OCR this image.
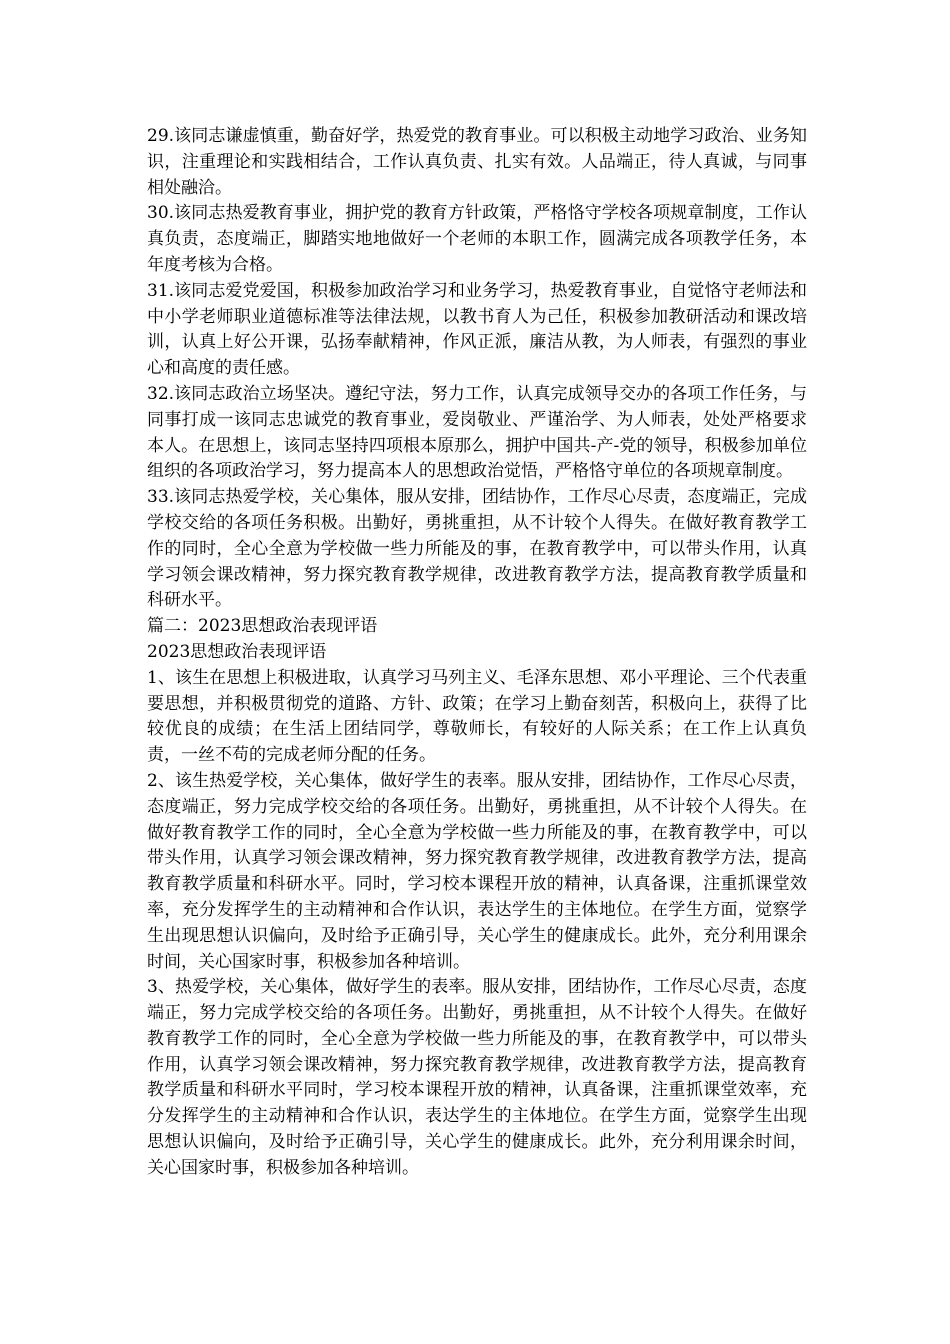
29.该同志谦虚慎重，勤奋好学，热爱党的教育事业。可以积极主动地学习政治、业务知识，注重理论和实践相结合，工作认真负责、扎实有效。人品端正，待人真诚，与同事相处融洽。

30.该同志热爱教育事业，拥护党的教育方针政策，严格恪守学校各项规章制度，工作认真负责，态度端正，脚踏实地地做好一个老师的本职工作，圆满完成各项教学任务，本年度考核为合格。

31.该同志爱党爱国，积极参加政治学习和业务学习，热爱教育事业，自觉恪守老师法和中小学老师职业道德标准等法律法规，以教书育人为己任，积极参加教研活动和课改培训，认真上好公开课，弘扬奉献精神，作风正派，廉洁从教，为人师表，有强烈的事业心和高度的责任感。

32.该同志政治立场坚决。遵纪守法，努力工作，认真完成领导交办的各项工作任务，与同事打成一该同志忠诚党的教育事业，爱岗敬业、严谨治学、为人师表，处处严格要求本人。在思想上，该同志坚持四项根本原那么，拥护中国共-产-党的领导，积极参加单位组织的各项政治学习，努力提高本人的思想政治觉悟，严格恪守单位的各项规章制度。

33.该同志热爱学校，关心集体，服从安排，团结协作，工作尽心尽责，态度端正，完成学校交给的各项任务积极。出勤好，勇挑重担，从不计较个人得失。在做好教育教学工作的同时，全心全意为学校做一些力所能及的事，在教育教学中，可以带头作用，认真学习领会课改精神，努力探究教育教学规律，改进教育教学方法，提高教育教学质量和科研水平。

篇二：2023思想政治表现评语

2023思想政治表现评语

1、该生在思想上积极进取，认真学习马列主义、毛泽东思想、邓小平理论、三个代表重要思想，并积极贯彻党的道路、方针、政策；在学习上勤奋刻苦，积极向上，获得了比较优良的成绩；在生活上团结同学，尊敬师长，有较好的人际关系；在工作上认真负责，一丝不苟的完成老师分配的任务。

2、该生热爱学校，关心集体，做好学生的表率。服从安排，团结协作，工作尽心尽责，态度端正，努力完成学校交给的各项任务。出勤好，勇挑重担，从不计较个人得失。在做好教育教学工作的同时，全心全意为学校做一些力所能及的事，在教育教学中，可以带头作用，认真学习领会课改精神，努力探究教育教学规律，改进教育教学方法，提高教育教学质量和科研水平。同时，学习校本课程开放的精神，认真备课，注重抓课堂效率，充分发挥学生的主动精神和合作认识，表达学生的主体地位。在学生方面，觉察学生出现思想认识偏向，及时给予正确引导，关心学生的健康成长。此外，充分利用课余时间，关心国家时事，积极参加各种培训。

3、热爱学校，关心集体，做好学生的表率。服从安排，团结协作，工作尽心尽责，态度端正，努力完成学校交给的各项任务。出勤好，勇挑重担，从不计较个人得失。在做好教育教学工作的同时，全心全意为学校做一些力所能及的事，在教育教学中，可以带头作用，认真学习领会课改精神，努力探究教育教学规律，改进教育教学方法，提高教育教学质量和科研水平同时，学习校本课程开放的精神，认真备课，注重抓课堂效率，充分发挥学生的主动精神和合作认识，表达学生的主体地位。在学生方面，觉察学生出现思想认识偏向，及时给予正确引导，关心学生的健康成长。此外，充分利用课余时间，关心国家时事，积极参加各种培训。
